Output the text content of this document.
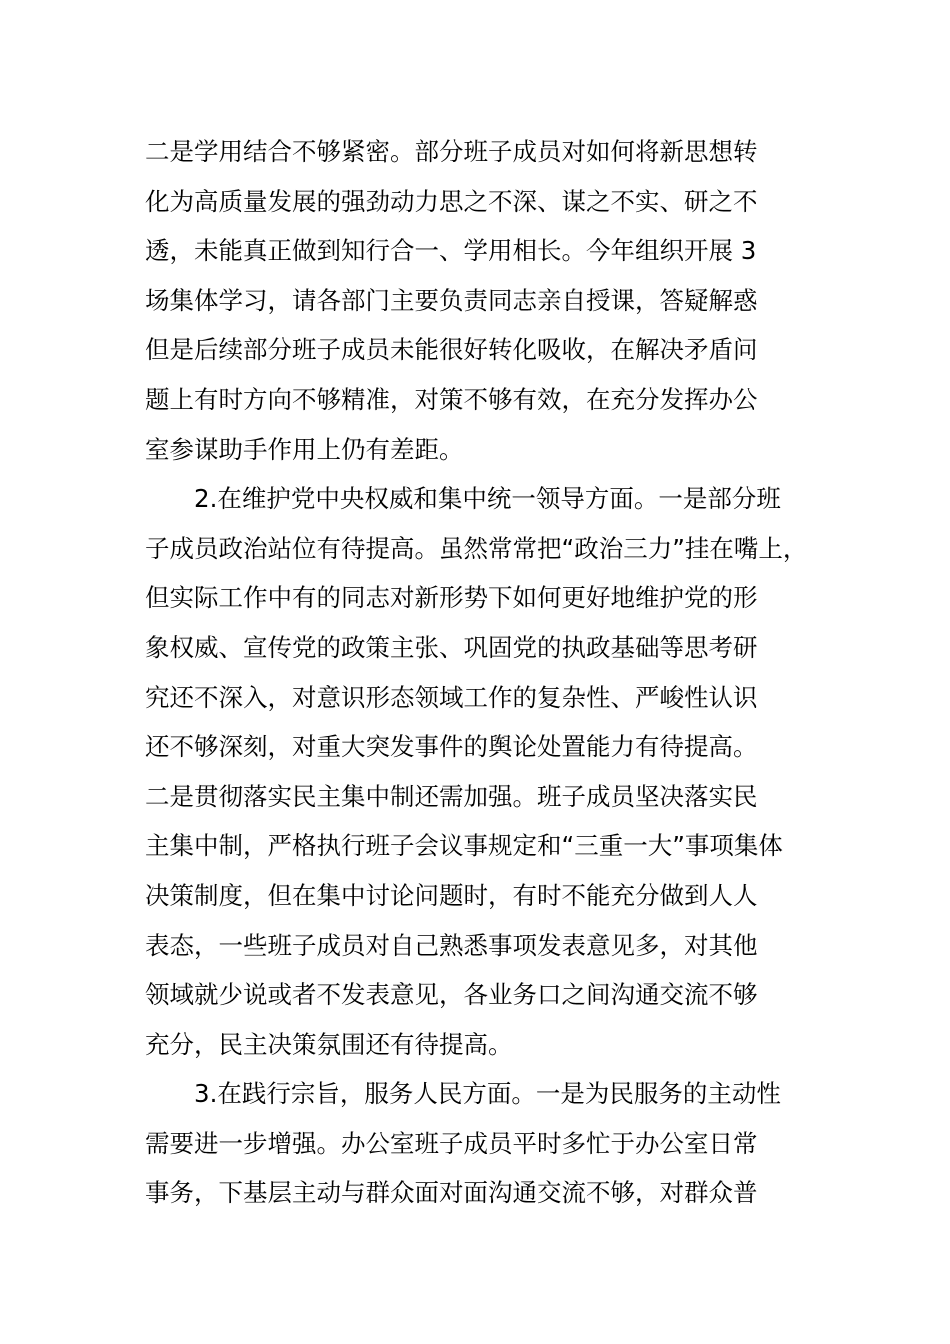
二是学用结合不够紧密。部分班子成员对如何将新思想转
化为高质量发展的强劲动力思之不深、谋之不实、研之不
透，未能真正做到知行合一、学用相长。今年组织开展 3
场集体学习，请各部门主要负责同志亲自授课，答疑解惑
但是后续部分班子成员未能很好转化吸收，在解决矛盾问
题上有时方向不够精准，对策不够有效，在充分发挥办公
室参谋助手作用上仍有差距。
2.在维护党中央权威和集中统一领导方面。一是部分班
子成员政治站位有待提高。虽然常常把“政治三力”挂在嘴上，
但实际工作中有的同志对新形势下如何更好地维护党的形
象权威、宣传党的政策主张、巩固党的执政基础等思考研
究还不深入，对意识形态领域工作的复杂性、严峻性认识
还不够深刻，对重大突发事件的舆论处置能力有待提高。
二是贯彻落实民主集中制还需加强。班子成员坚决落实民
主集中制，严格执行班子会议事规定和“三重一大”事项集体
决策制度，但在集中讨论问题时，有时不能充分做到人人
表态，一些班子成员对自己熟悉事项发表意见多，对其他
领域就少说或者不发表意见，各业务口之间沟通交流不够
充分，民主决策氛围还有待提高。
3.在践行宗旨，服务人民方面。一是为民服务的主动性
需要进一步增强。办公室班子成员平时多忙于办公室日常
事务，下基层主动与群众面对面沟通交流不够，对群众普
